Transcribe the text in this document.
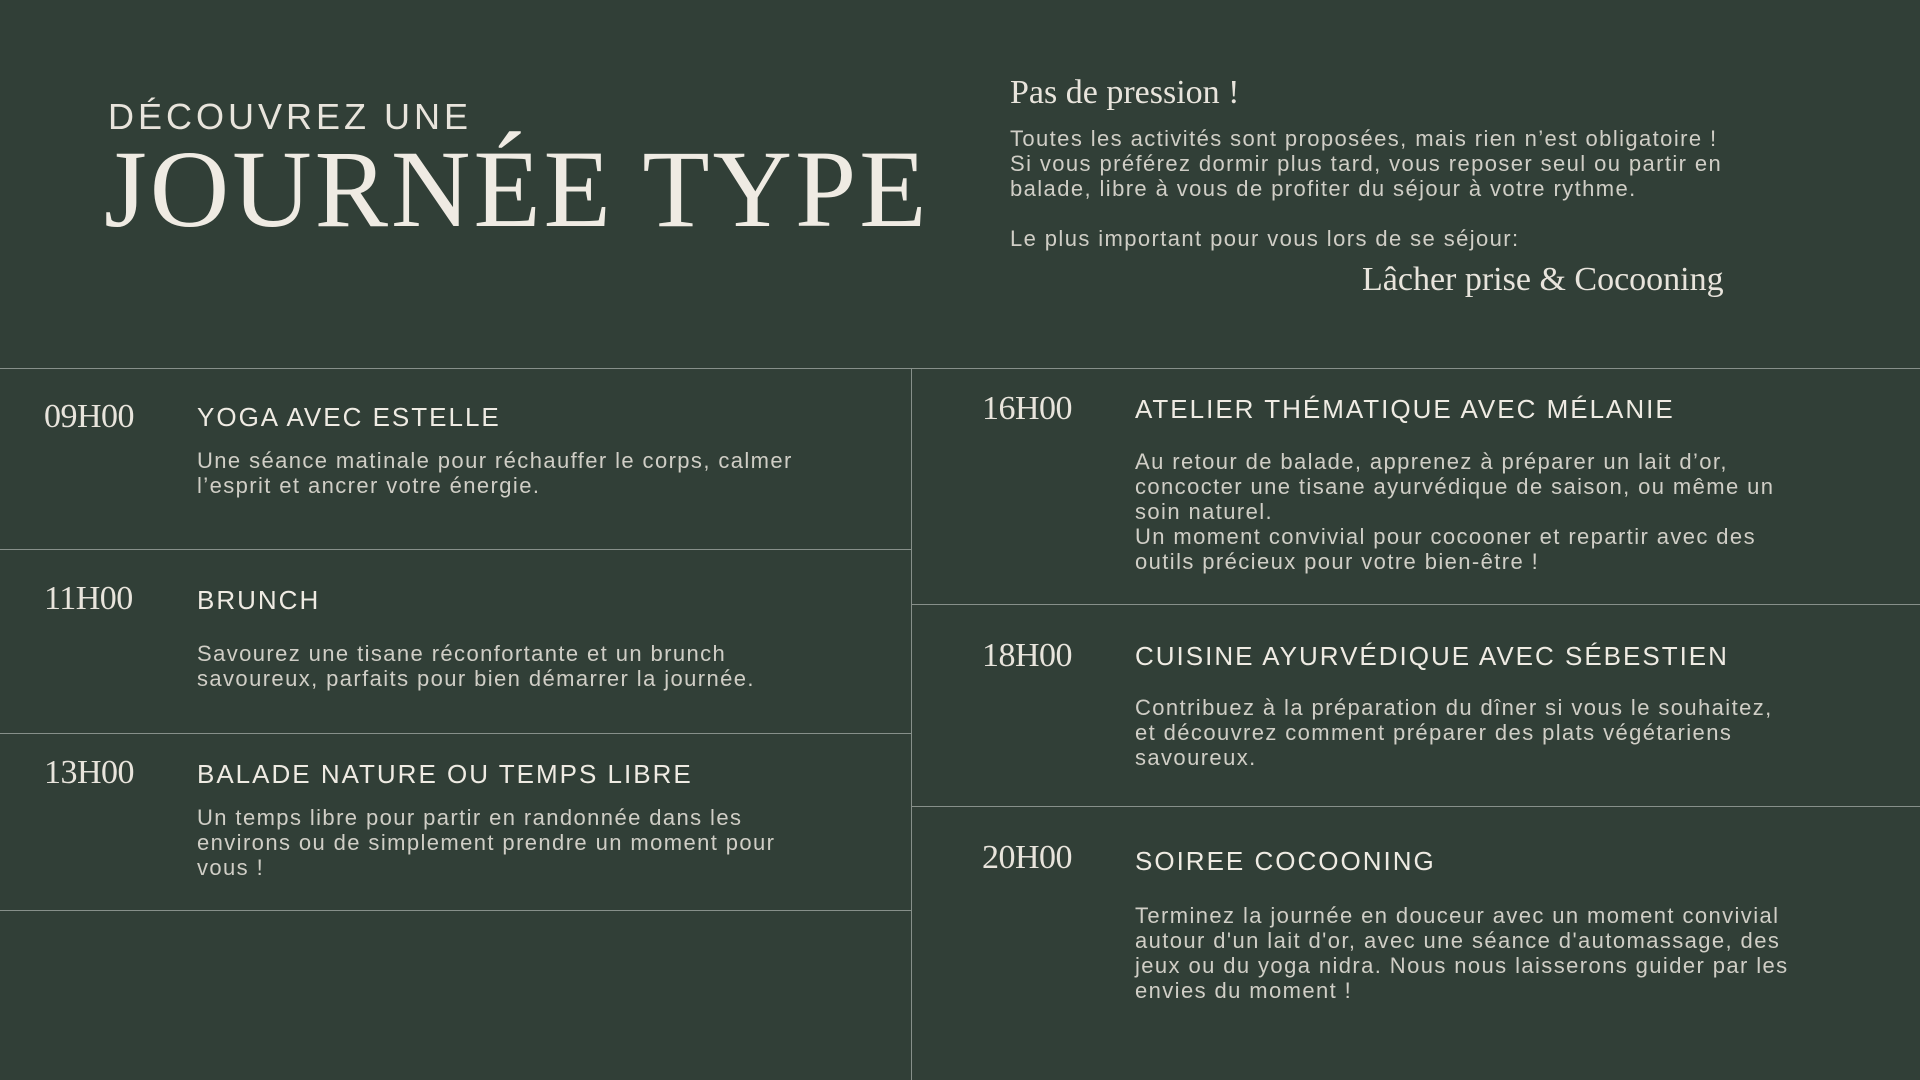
DÉCOUVREZ UNE
JOURNÉE TYPE
Pas de pression !
Toutes les activités sont proposées, mais rien n’est obligatoire !
Si vous préférez dormir plus tard, vous reposer seul ou partir en
balade, libre à vous de profiter du séjour à votre rythme.
Le plus important pour vous lors de se séjour:
Lâcher prise & Cocooning
09H00 YOGA AVEC ESTELLE
Une séance matinale pour réchauffer le corps, calmer
l’esprit et ancrer votre énergie.
11H00 BRUNCH
Savourez une tisane réconfortante et un brunch
savoureux, parfaits pour bien démarrer la journée.
13H00 BALADE NATURE OU TEMPS LIBRE
Un temps libre pour partir en randonnée dans les
environs ou de simplement prendre un moment pour
vous !
16H00 ATELIER THÉMATIQUE AVEC MÉLANIE
Au retour de balade, apprenez à préparer un lait d’or,
concocter une tisane ayurvédique de saison, ou même un
soin naturel.
Un moment convivial pour cocooner et repartir avec des
outils précieux pour votre bien-être !
18H00 CUISINE AYURVÉDIQUE AVEC SÉBESTIEN
Contribuez à la préparation du dîner si vous le souhaitez,
et découvrez comment préparer des plats végétariens
savoureux.
20H00 SOIREE COCOONING
Terminez la journée en douceur avec un moment convivial
autour d'un lait d'or, avec une séance d'automassage, des
jeux ou du yoga nidra. Nous nous laisserons guider par les
envies du moment !
